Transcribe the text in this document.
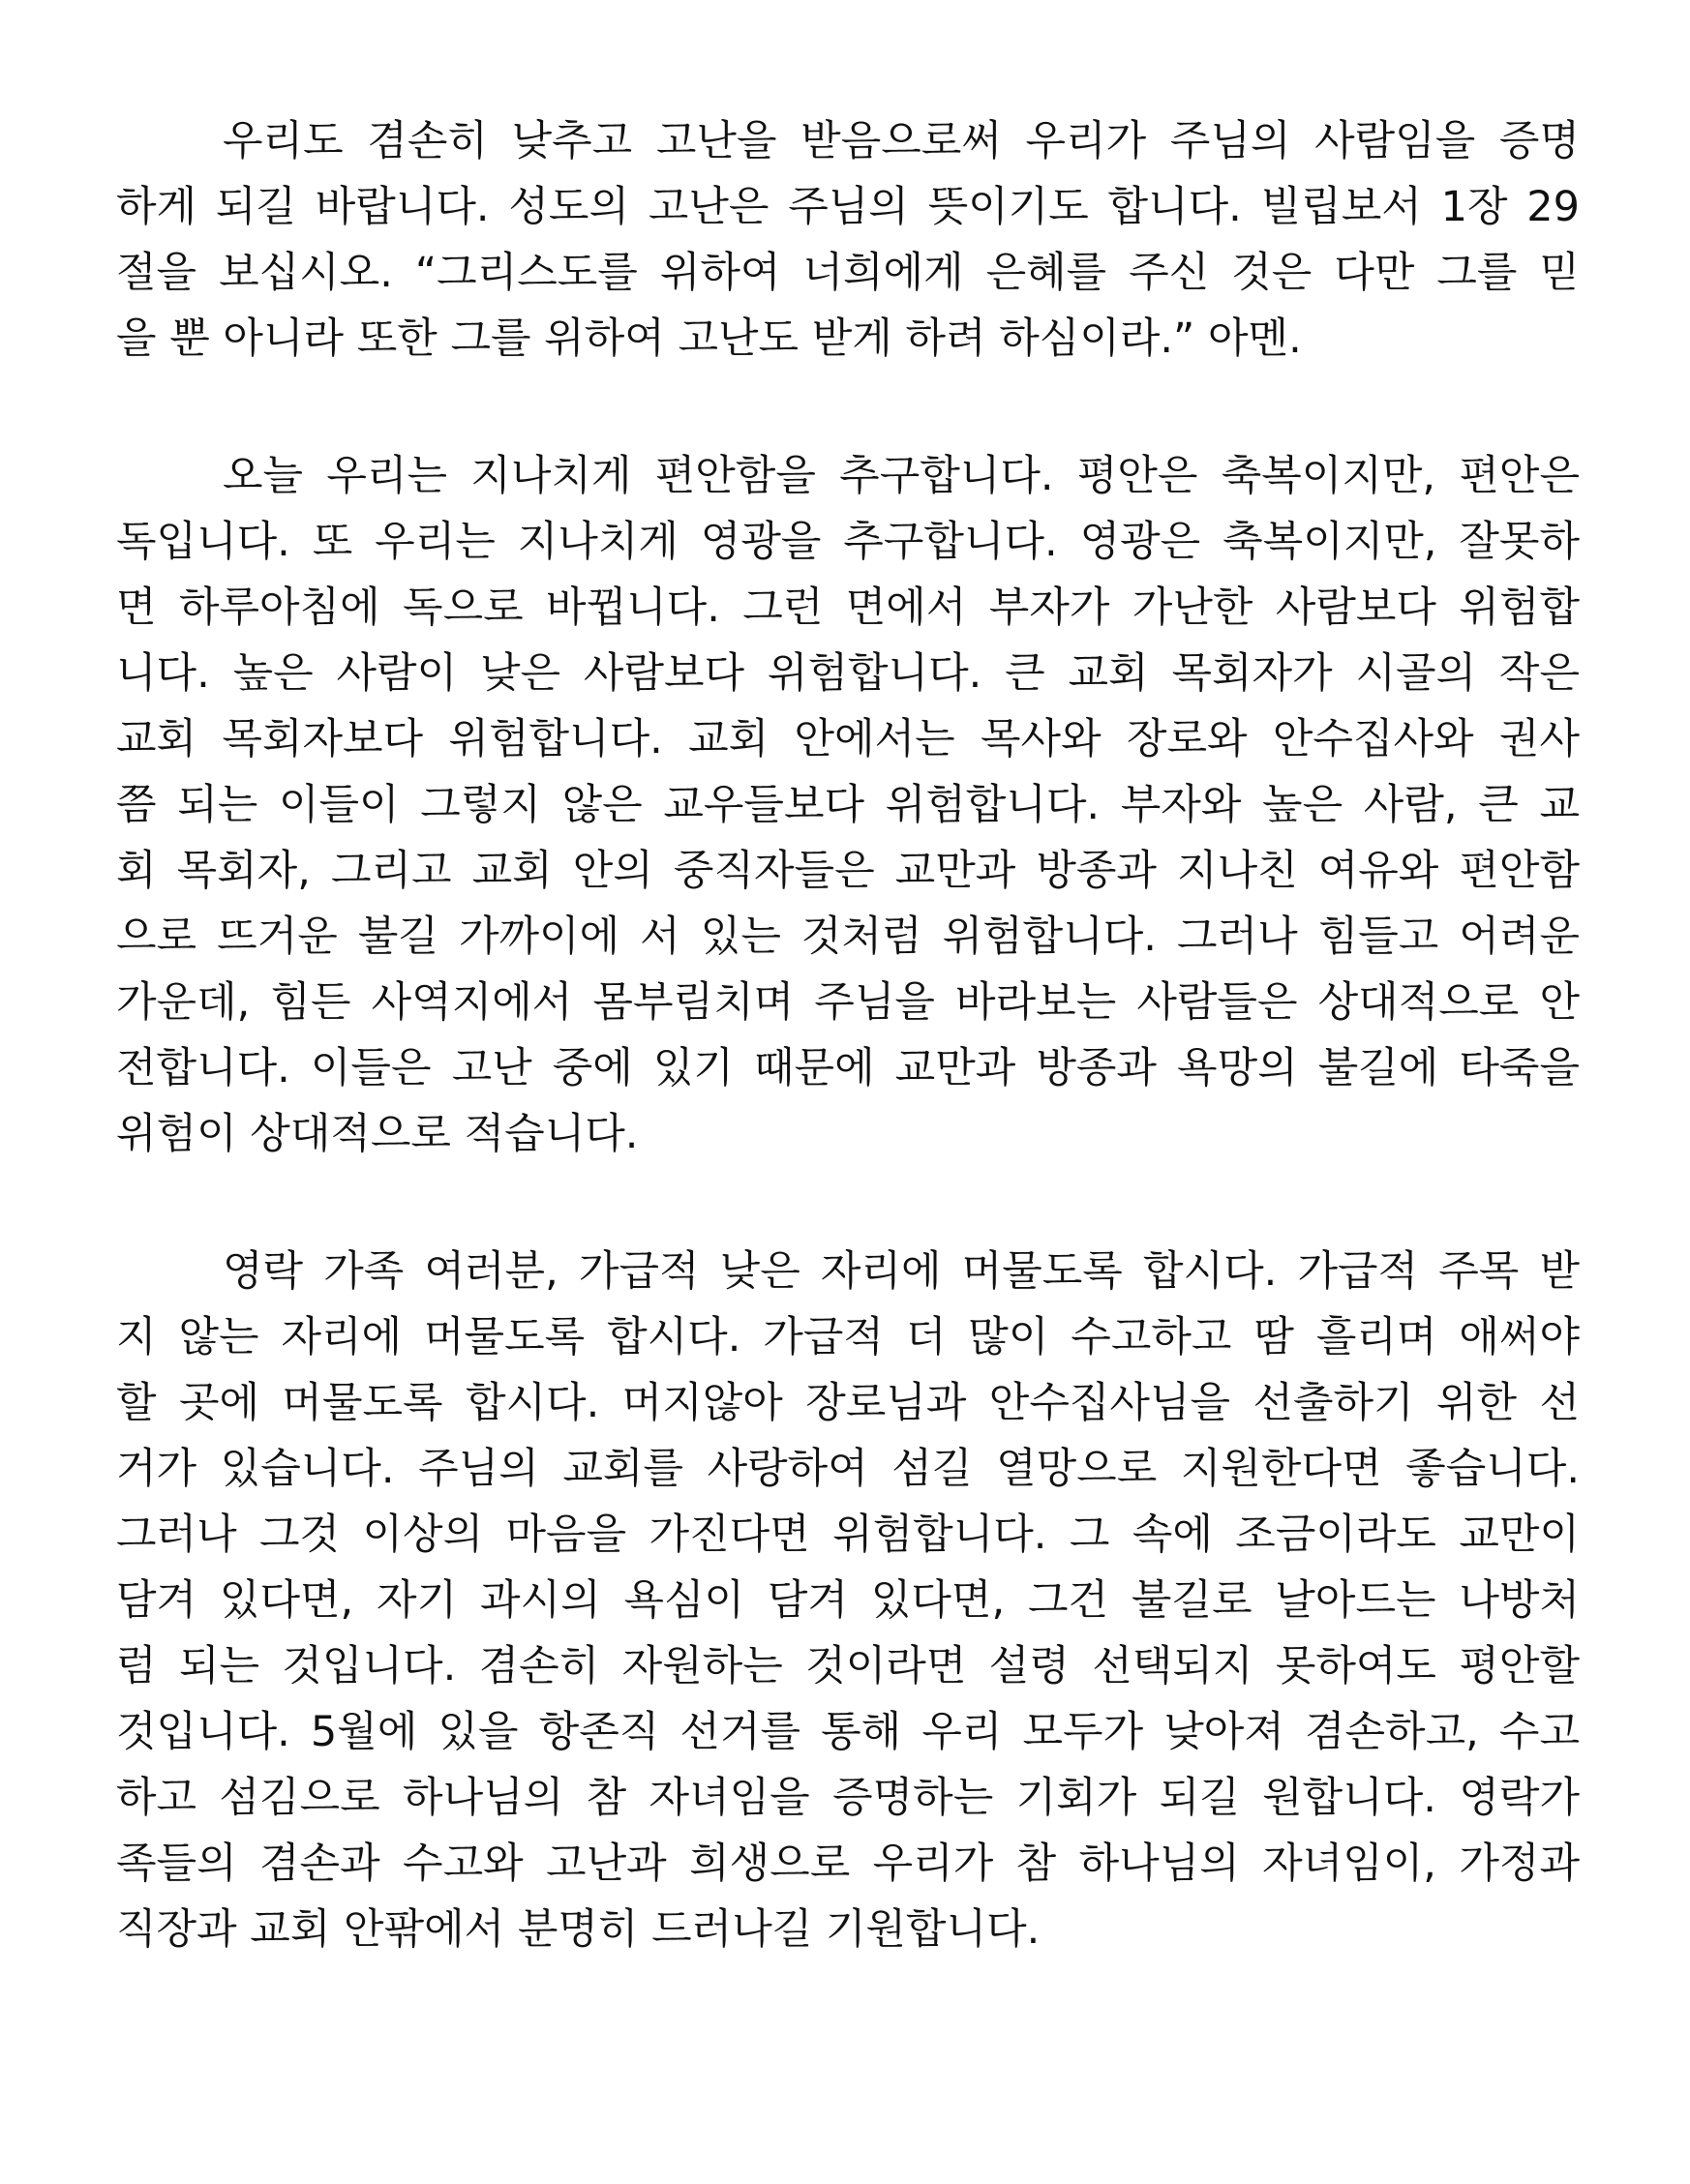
우리도 겸손히 낮추고 고난을 받음으로써 우리가 주님의 사람임을 증명
하게 되길 바랍니다. 성도의 고난은 주님의 뜻이기도 합니다. 빌립보서 1장 29
절을 보십시오. “그리스도를 위하여 너희에게 은혜를 주신 것은 다만 그를 믿
을 뿐 아니라 또한 그를 위하여 고난도 받게 하려 하심이라.” 아멘.
오늘 우리는 지나치게 편안함을 추구합니다. 평안은 축복이지만, 편안은
독입니다. 또 우리는 지나치게 영광을 추구합니다. 영광은 축복이지만, 잘못하
면 하루아침에 독으로 바뀝니다. 그런 면에서 부자가 가난한 사람보다 위험합
니다. 높은 사람이 낮은 사람보다 위험합니다. 큰 교회 목회자가 시골의 작은
교회 목회자보다 위험합니다. 교회 안에서는 목사와 장로와 안수집사와 권사
쯤 되는 이들이 그렇지 않은 교우들보다 위험합니다. 부자와 높은 사람, 큰 교
회 목회자, 그리고 교회 안의 중직자들은 교만과 방종과 지나친 여유와 편안함
으로 뜨거운 불길 가까이에 서 있는 것처럼 위험합니다. 그러나 힘들고 어려운
가운데, 힘든 사역지에서 몸부림치며 주님을 바라보는 사람들은 상대적으로 안
전합니다. 이들은 고난 중에 있기 때문에 교만과 방종과 욕망의 불길에 타죽을
위험이 상대적으로 적습니다.
영락 가족 여러분, 가급적 낮은 자리에 머물도록 합시다. 가급적 주목 받
지 않는 자리에 머물도록 합시다. 가급적 더 많이 수고하고 땀 흘리며 애써야
할 곳에 머물도록 합시다. 머지않아 장로님과 안수집사님을 선출하기 위한 선
거가 있습니다. 주님의 교회를 사랑하여 섬길 열망으로 지원한다면 좋습니다.
그러나 그것 이상의 마음을 가진다면 위험합니다. 그 속에 조금이라도 교만이
담겨 있다면, 자기 과시의 욕심이 담겨 있다면, 그건 불길로 날아드는 나방처
럼 되는 것입니다. 겸손히 자원하는 것이라면 설령 선택되지 못하여도 평안할
것입니다. 5월에 있을 항존직 선거를 통해 우리 모두가 낮아져 겸손하고, 수고
하고 섬김으로 하나님의 참 자녀임을 증명하는 기회가 되길 원합니다. 영락가
족들의 겸손과 수고와 고난과 희생으로 우리가 참 하나님의 자녀임이, 가정과
직장과 교회 안팎에서 분명히 드러나길 기원합니다.
